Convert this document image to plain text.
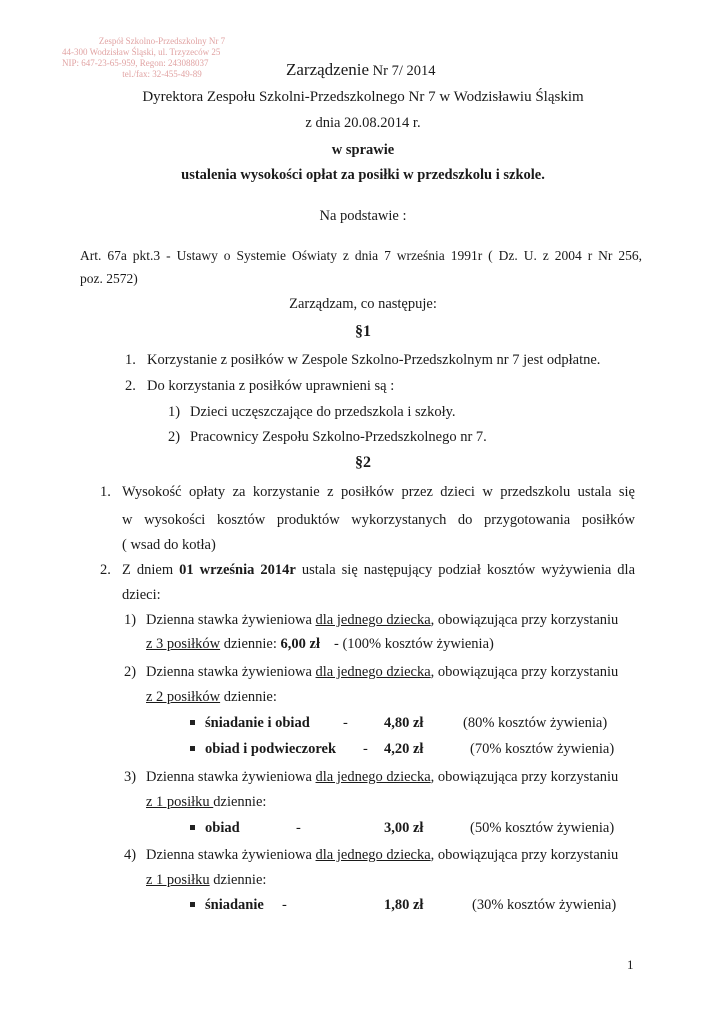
Zespół Szkolno-Przedszkolny Nr 7
44-300 Wodzisław Śląski, ul. Trzyzeców 25
NIP: 647-23-65-959, Regon: 243088037
tel./fax: 32-455-49-89	Zarządzenie Nr 7/ 2014
Dyrektora Zespołu Szkolni-Przedszkolnego Nr 7 w Wodzisławiu Śląskim
z dnia 20.08.2014 r.
w sprawie
ustalenia wysokości opłat za posiłki w przedszkolu i szkole.
Na podstawie :
Art. 67a pkt.3 - Ustawy o Systemie Oświaty z dnia 7 września 1991r ( Dz. U. z 2004 r Nr 256,
poz. 2572)
Zarządzam, co następuje:
§1
1. Korzystanie z posiłków w Zespole Szkolno-Przedszkolnym nr 7 jest odpłatne.
2. Do korzystania z posiłków uprawnieni są :
1) Dzieci uczęszczające do przedszkola i szkoły.
2) Pracownicy Zespołu Szkolno-Przedszkolnego nr 7.
§2
1. Wysokość opłaty za korzystanie z posiłków przez dzieci w przedszkolu ustala się
w wysokości kosztów produktów wykorzystanych do przygotowania posiłków
( wsad do kotła)
2. Z dniem 01 września 2014r ustala się następujący podział kosztów wyżywienia dla
dzieci:
1) Dzienna stawka żywieniowa dla jednego dziecka, obowiązująca przy korzystaniu
z 3 posiłków dziennie: 6,00 zł - (100% kosztów żywienia)
2) Dzienna stawka żywieniowa dla jednego dziecka, obowiązująca przy korzystaniu
z 2 posiłków dziennie:
śniadanie i obiad - 4,80 zł	(80% kosztów żywienia)
obiad i podwieczorek - 4,20 zł	(70% kosztów żywienia)
3) Dzienna stawka żywieniowa dla jednego dziecka, obowiązująca przy korzystaniu
z 1 posiłku dziennie:
obiad	-	3,00 zł	(50% kosztów żywienia)
4) Dzienna stawka żywieniowa dla jednego dziecka, obowiązująca przy korzystaniu
z 1 posiłku dziennie:
śniadanie -	1,80 zł	(30% kosztów żywienia)
1
